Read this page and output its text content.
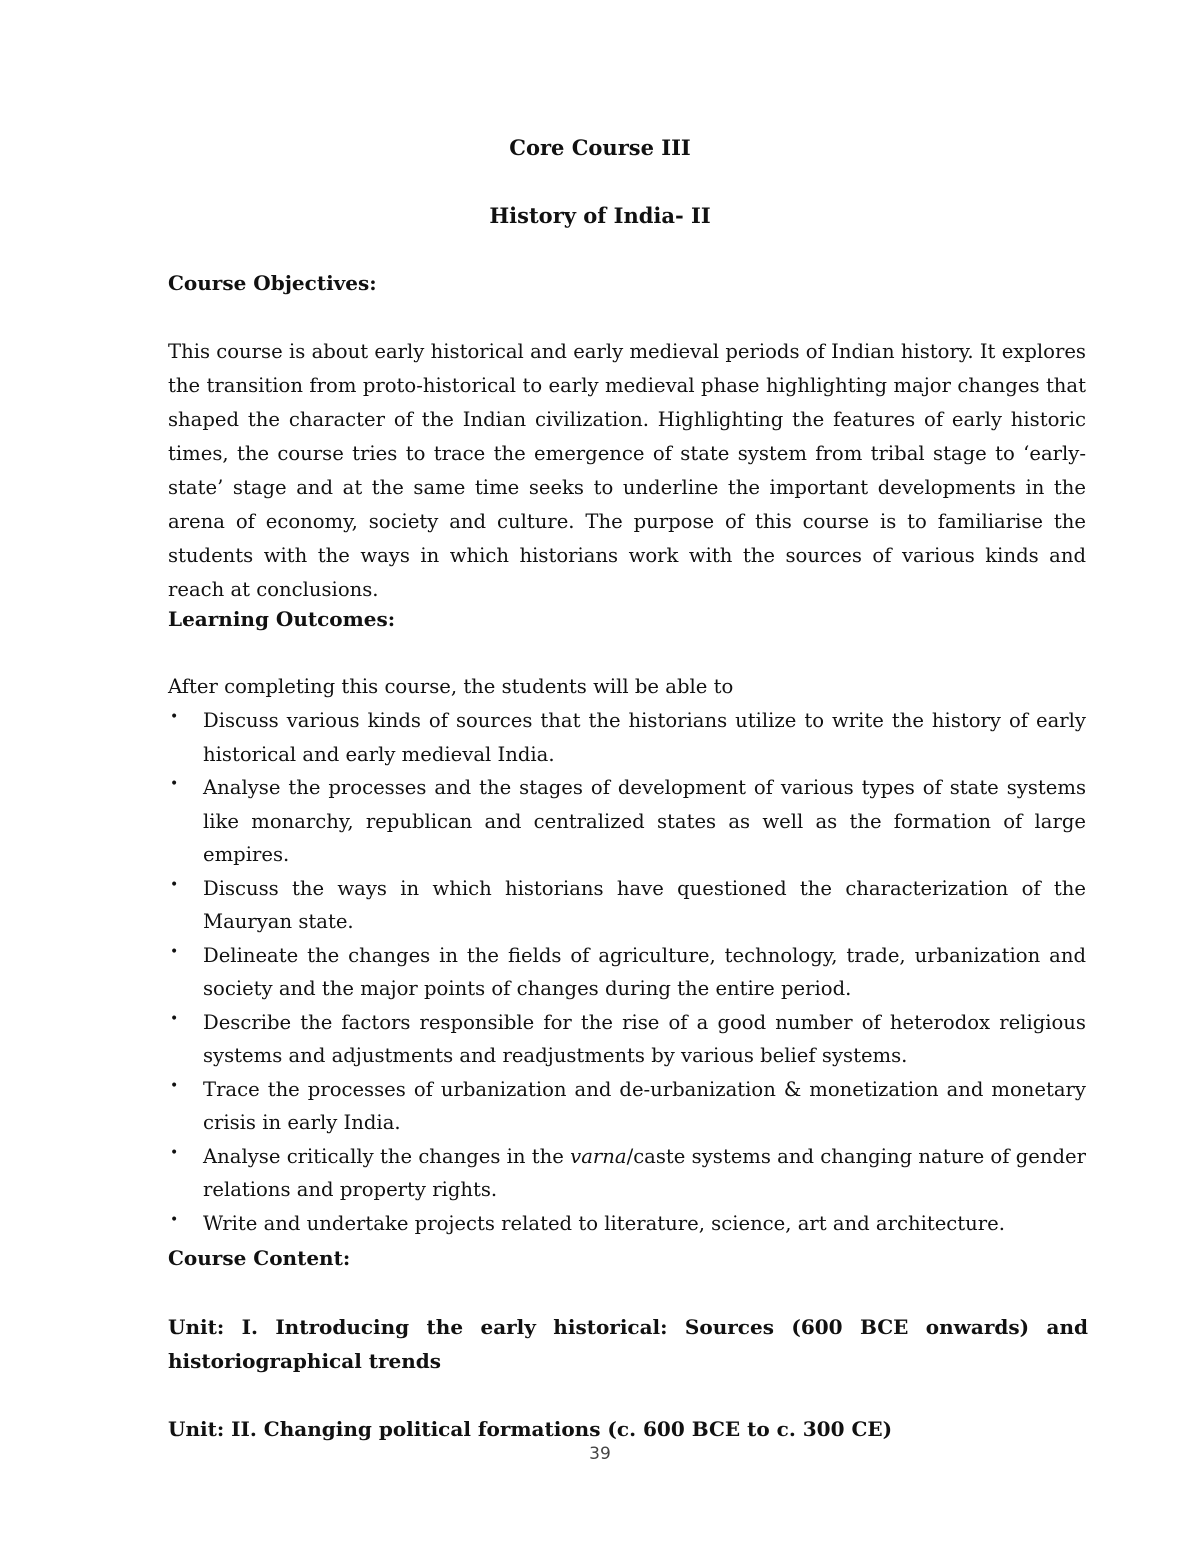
Core Course III
History of India- II
Course Objectives:

This course is about early historical and early medieval periods of Indian history. It explores the transition from proto-historical to early medieval phase highlighting major changes that shaped the character of the Indian civilization. Highlighting the features of early historic times, the course tries to trace the emergence of state system from tribal stage to ‘early-state’ stage and at the same time seeks to underline the important developments in the arena of economy, society and culture. The purpose of this course is to familiarise the students with the ways in which historians work with the sources of various kinds and reach at conclusions.

Learning Outcomes:
After completing this course, the students will be able to
• Discuss various kinds of sources that the historians utilize to write the history of early historical and early medieval India.
• Analyse the processes and the stages of development of various types of state systems like monarchy, republican and centralized states as well as the formation of large empires.
• Discuss the ways in which historians have questioned the characterization of the Mauryan state.
• Delineate the changes in the fields of agriculture, technology, trade, urbanization and society and the major points of changes during the entire period.
• Describe the factors responsible for the rise of a good number of heterodox religious systems and adjustments and readjustments by various belief systems.
• Trace the processes of urbanization and de-urbanization & monetization and monetary crisis in early India.
• Analyse critically the changes in the varna/caste systems and changing nature of gender relations and property rights.
• Write and undertake projects related to literature, science, art and architecture.
Course Content:

Unit: I. Introducing the early historical: Sources (600 BCE onwards) and historiographical trends

Unit: II. Changing political formations (c. 600 BCE to c. 300 CE)

39
